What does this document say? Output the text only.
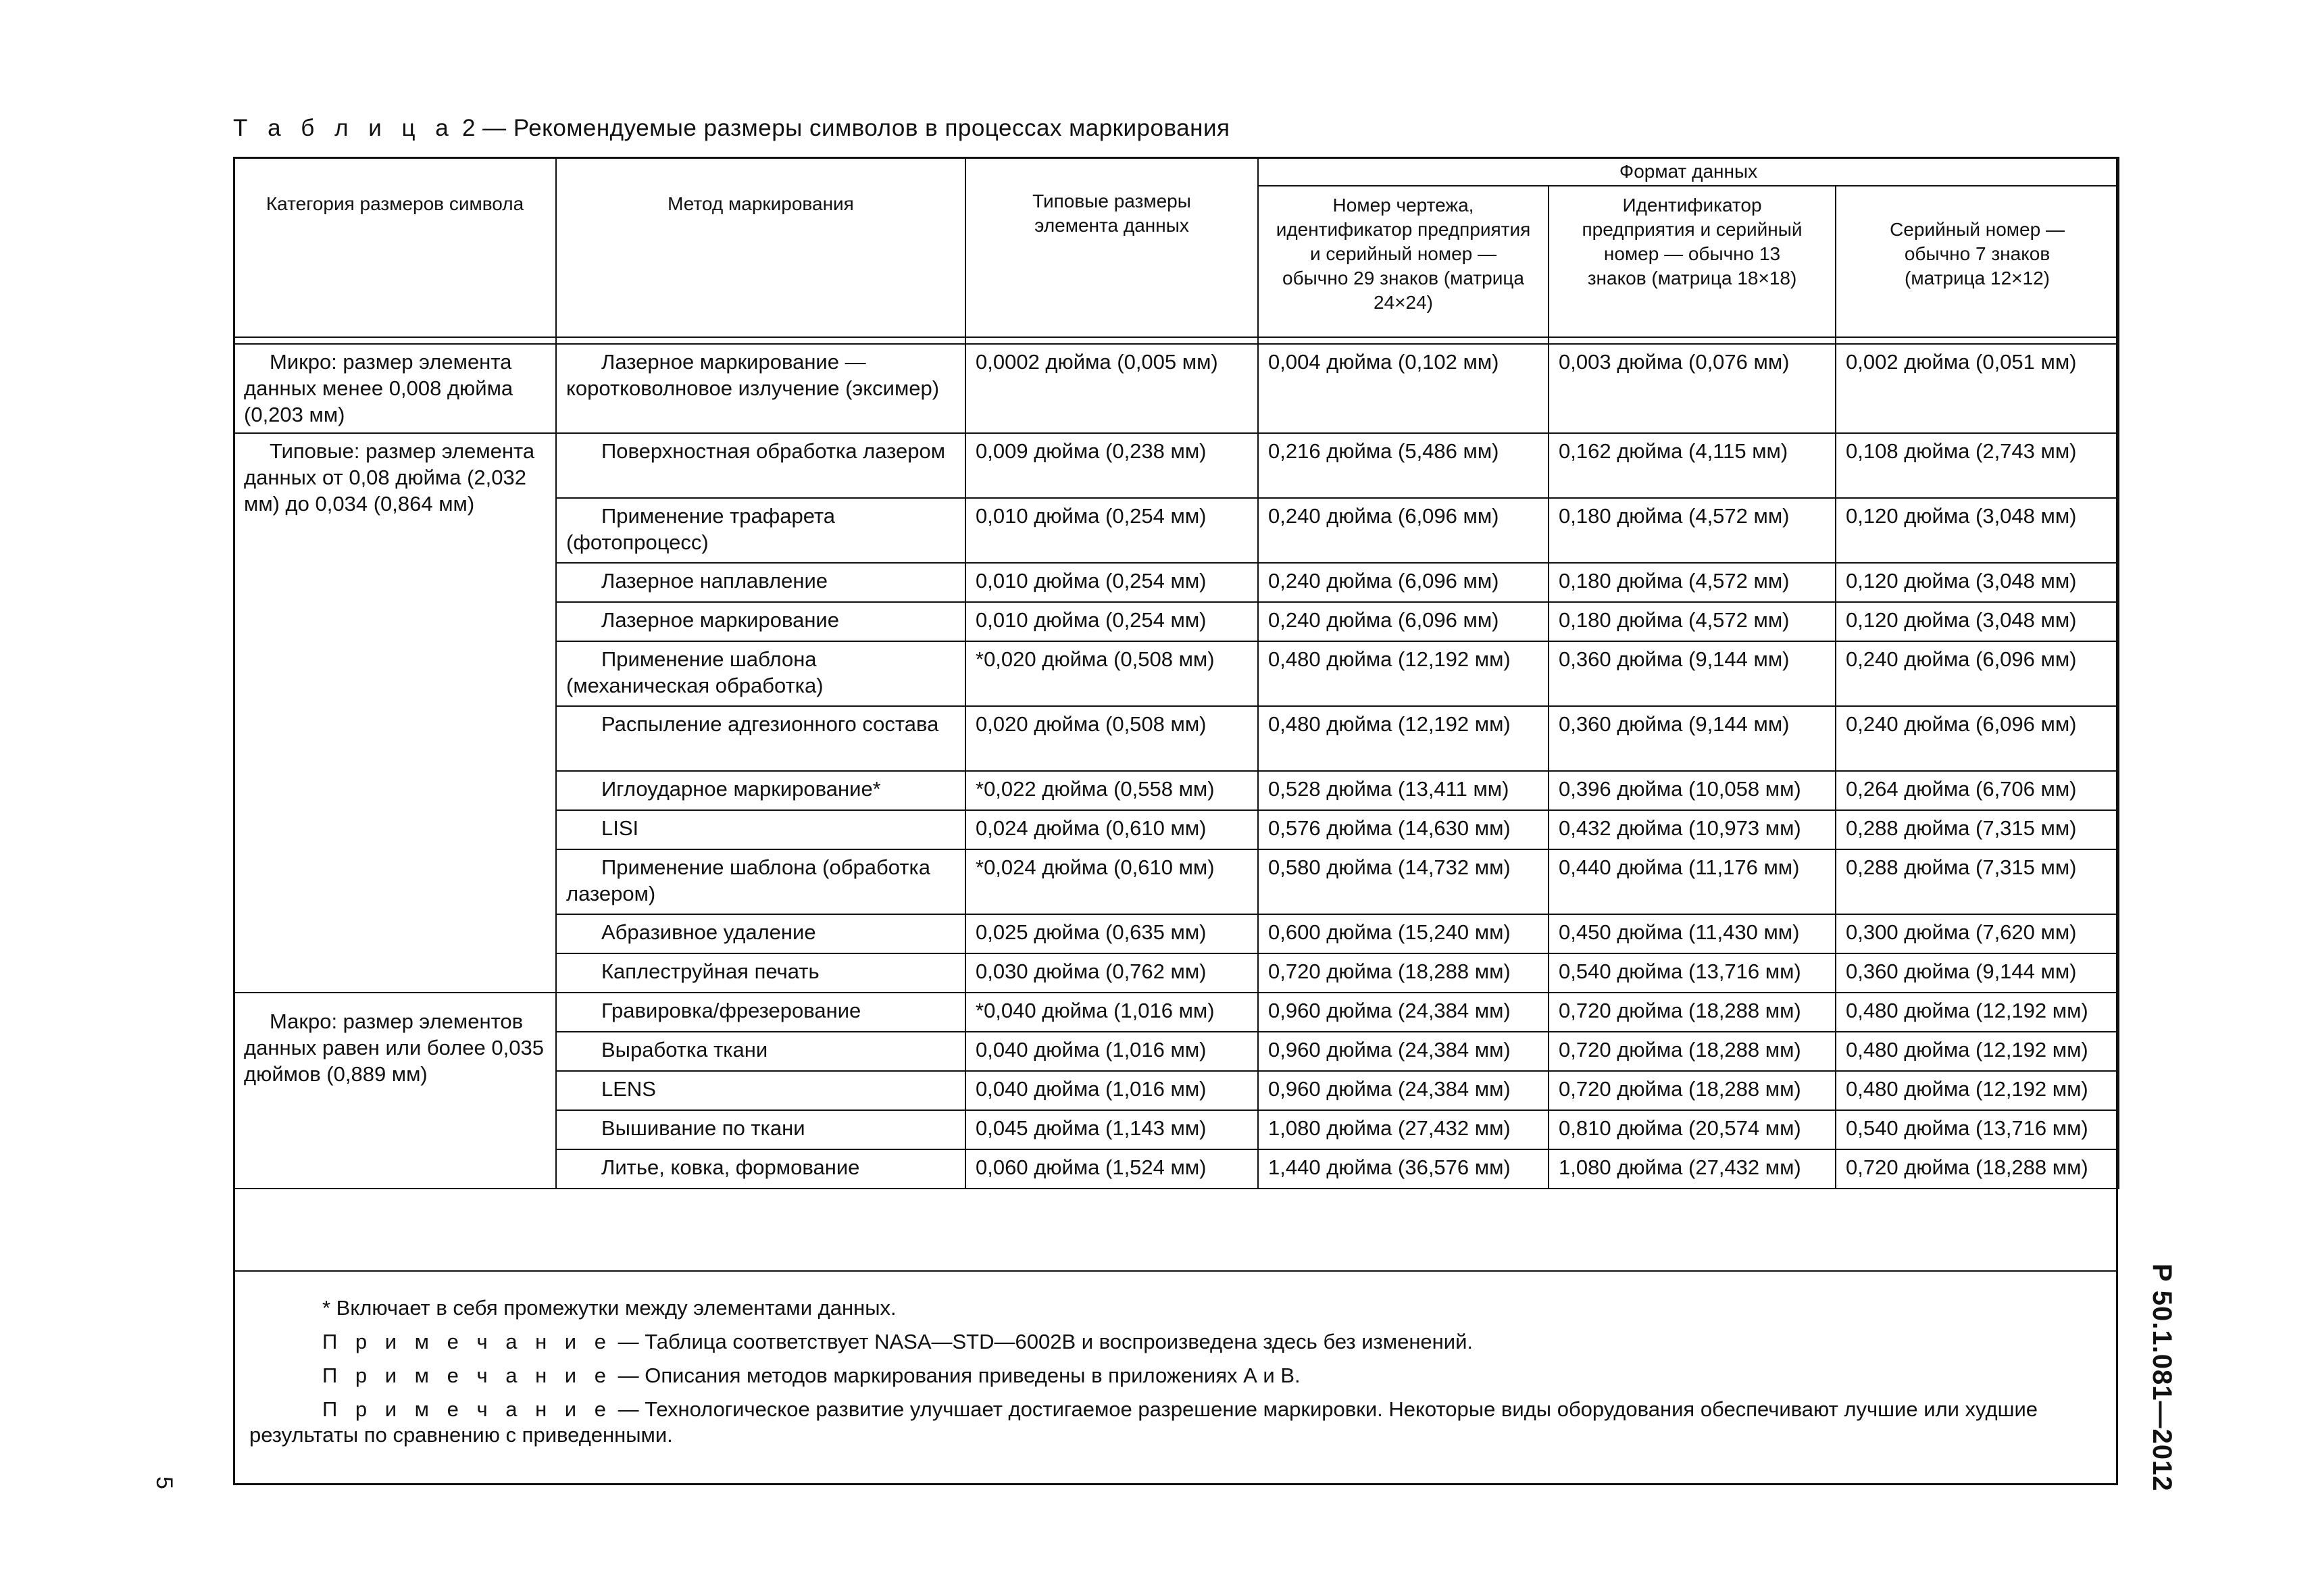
Т а б л и ц а 2 — Рекомендуемые размеры символов в процессах маркирования
Категория размеров символа	Метод маркирования	Типовые размеры элемента данных	Формат данных		
			Номер чертежа, идентификатор предприятия и серийный номер — обычно 29 знаков (матрица 24×24)	Идентификатор предприятия и серийный номер — обычно 13 знаков (матрица 18×18)	Серийный номер — обычно 7 знаков (матрица 12×12)

Микро: размер элемента данных менее 0,008 дюйма (0,203 мм)	Лазерное маркирование — коротковолновое излучение (эксимер)	0,0002 дюйма (0,005 мм)	0,004 дюйма (0,102 мм)	0,003 дюйма (0,076 мм)	0,002 дюйма (0,051 мм)
Типовые: размер элемента данных от 0,08 дюйма (2,032 мм) до 0,034 (0,864 мм)	Поверхностная обработка лазером	0,009 дюйма (0,238 мм)	0,216 дюйма (5,486 мм)	0,162 дюйма (4,115 мм)	0,108 дюйма (2,743 мм)
	Применение трафарета (фотопроцесс)	0,010 дюйма (0,254 мм)	0,240 дюйма (6,096 мм)	0,180 дюйма (4,572 мм)	0,120 дюйма (3,048 мм)
	Лазерное наплавление	0,010 дюйма (0,254 мм)	0,240 дюйма (6,096 мм)	0,180 дюйма (4,572 мм)	0,120 дюйма (3,048 мм)
	Лазерное маркирование	0,010 дюйма (0,254 мм)	0,240 дюйма (6,096 мм)	0,180 дюйма (4,572 мм)	0,120 дюйма (3,048 мм)
	Применение шаблона (механическая обработка)	*0,020 дюйма (0,508 мм)	0,480 дюйма (12,192 мм)	0,360 дюйма (9,144 мм)	0,240 дюйма (6,096 мм)
	Распыление адгезионного состава	0,020 дюйма (0,508 мм)	0,480 дюйма (12,192 мм)	0,360 дюйма (9,144 мм)	0,240 дюйма (6,096 мм)
	Иглоударное маркирование*	*0,022 дюйма (0,558 мм)	0,528 дюйма (13,411 мм)	0,396 дюйма (10,058 мм)	0,264 дюйма (6,706 мм)
	LISI	0,024 дюйма (0,610 мм)	0,576 дюйма (14,630 мм)	0,432 дюйма (10,973 мм)	0,288 дюйма (7,315 мм)
	Применение шаблона (обработка лазером)	*0,024 дюйма (0,610 мм)	0,580 дюйма (14,732 мм)	0,440 дюйма (11,176 мм)	0,288 дюйма (7,315 мм)
	Абразивное удаление	0,025 дюйма (0,635 мм)	0,600 дюйма (15,240 мм)	0,450 дюйма (11,430 мм)	0,300 дюйма (7,620 мм)
	Каплеструйная печать	0,030 дюйма (0,762 мм)	0,720 дюйма (18,288 мм)	0,540 дюйма (13,716 мм)	0,360 дюйма (9,144 мм)
Макро: размер элементов данных равен или более 0,035 дюймов (0,889 мм)	Гравировка/фрезерование	*0,040 дюйма (1,016 мм)	0,960 дюйма (24,384 мм)	0,720 дюйма (18,288 мм)	0,480 дюйма (12,192 мм)
	Выработка ткани	0,040 дюйма (1,016 мм)	0,960 дюйма (24,384 мм)	0,720 дюйма (18,288 мм)	0,480 дюйма (12,192 мм)
	LENS	0,040 дюйма (1,016 мм)	0,960 дюйма (24,384 мм)	0,720 дюйма (18,288 мм)	0,480 дюйма (12,192 мм)
	Вышивание по ткани	0,045 дюйма (1,143 мм)	1,080 дюйма (27,432 мм)	0,810 дюйма (20,574 мм)	0,540 дюйма (13,716 мм)
	Литье, ковка, формование	0,060 дюйма (1,524 мм)	1,440 дюйма (36,576 мм)	1,080 дюйма (27,432 мм)	0,720 дюйма (18,288 мм)

* Включает в себя промежутки между элементами данных.

П р и м е ч а н и е — Таблица соответствует NASA—STD—6002B и воспроизведена здесь без изменений.

П р и м е ч а н и е — Описания методов маркирования приведены в приложениях А и В.

П р и м е ч а н и е — Технологическое развитие улучшает достигаемое разрешение маркировки. Некоторые виды оборудования обеспечивают лучшие или худшие

результаты по сравнению с приведенными.	Р 50.1.081—2012
5
